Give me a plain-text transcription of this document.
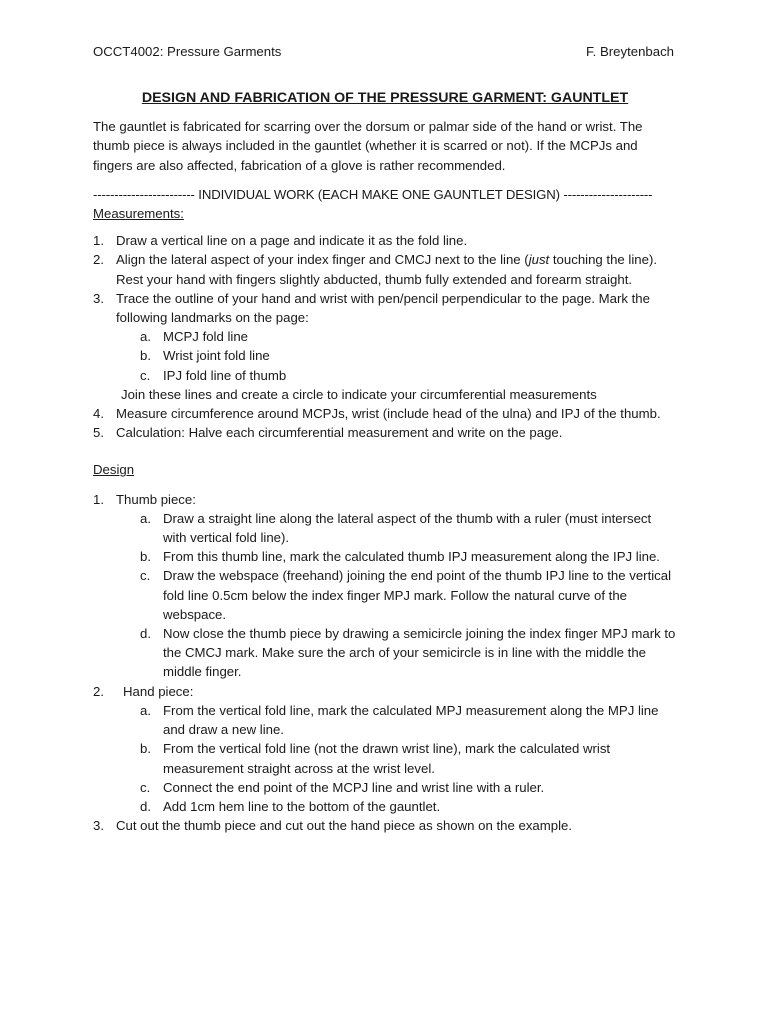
OCCT4002: Pressure Garments	F. Breytenbach

DESIGN AND FABRICATION OF THE PRESSURE GARMENT: GAUNTLET

The gauntlet is fabricated for scarring over the dorsum or palmar side of the hand or wrist. The thumb piece is always included in the gauntlet (whether it is scarred or not). If the MCPJs and fingers are also affected, fabrication of a glove is rather recommended.

------------------------ INDIVIDUAL WORK (EACH MAKE ONE GAUNTLET DESIGN) ---------------------

Measurements:

1. Draw a vertical line on a page and indicate it as the fold line.
2. Align the lateral aspect of your index finger and CMCJ next to the line (just touching the line). Rest your hand with fingers slightly abducted, thumb fully extended and forearm straight.
3. Trace the outline of your hand and wrist with pen/pencil perpendicular to the page. Mark the following landmarks on the page:
a. MCPJ fold line
b. Wrist joint fold line
c. IPJ fold line of thumb

Join these lines and create a circle to indicate your circumferential measurements

4. Measure circumference around MCPJs, wrist (include head of the ulna) and IPJ of the thumb.
5. Calculation: Halve each circumferential measurement and write on the page.

Design

1. Thumb piece:
a. Draw a straight line along the lateral aspect of the thumb with a ruler (must intersect with vertical fold line).
b. From this thumb line, mark the calculated thumb IPJ measurement along the IPJ line.
c. Draw the webspace (freehand) joining the end point of the thumb IPJ line to the vertical fold line 0.5cm below the index finger MPJ mark. Follow the natural curve of the webspace.
d. Now close the thumb piece by drawing a semicircle joining the index finger MPJ mark to the CMCJ mark. Make sure the arch of your semicircle is in line with the middle the middle finger.
2. Hand piece:
a. From the vertical fold line, mark the calculated MPJ measurement along the MPJ line and draw a new line.
b. From the vertical fold line (not the drawn wrist line), mark the calculated wrist measurement straight across at the wrist level.
c. Connect the end point of the MCPJ line and wrist line with a ruler.
d. Add 1cm hem line to the bottom of the gauntlet.
3. Cut out the thumb piece and cut out the hand piece as shown on the example.
